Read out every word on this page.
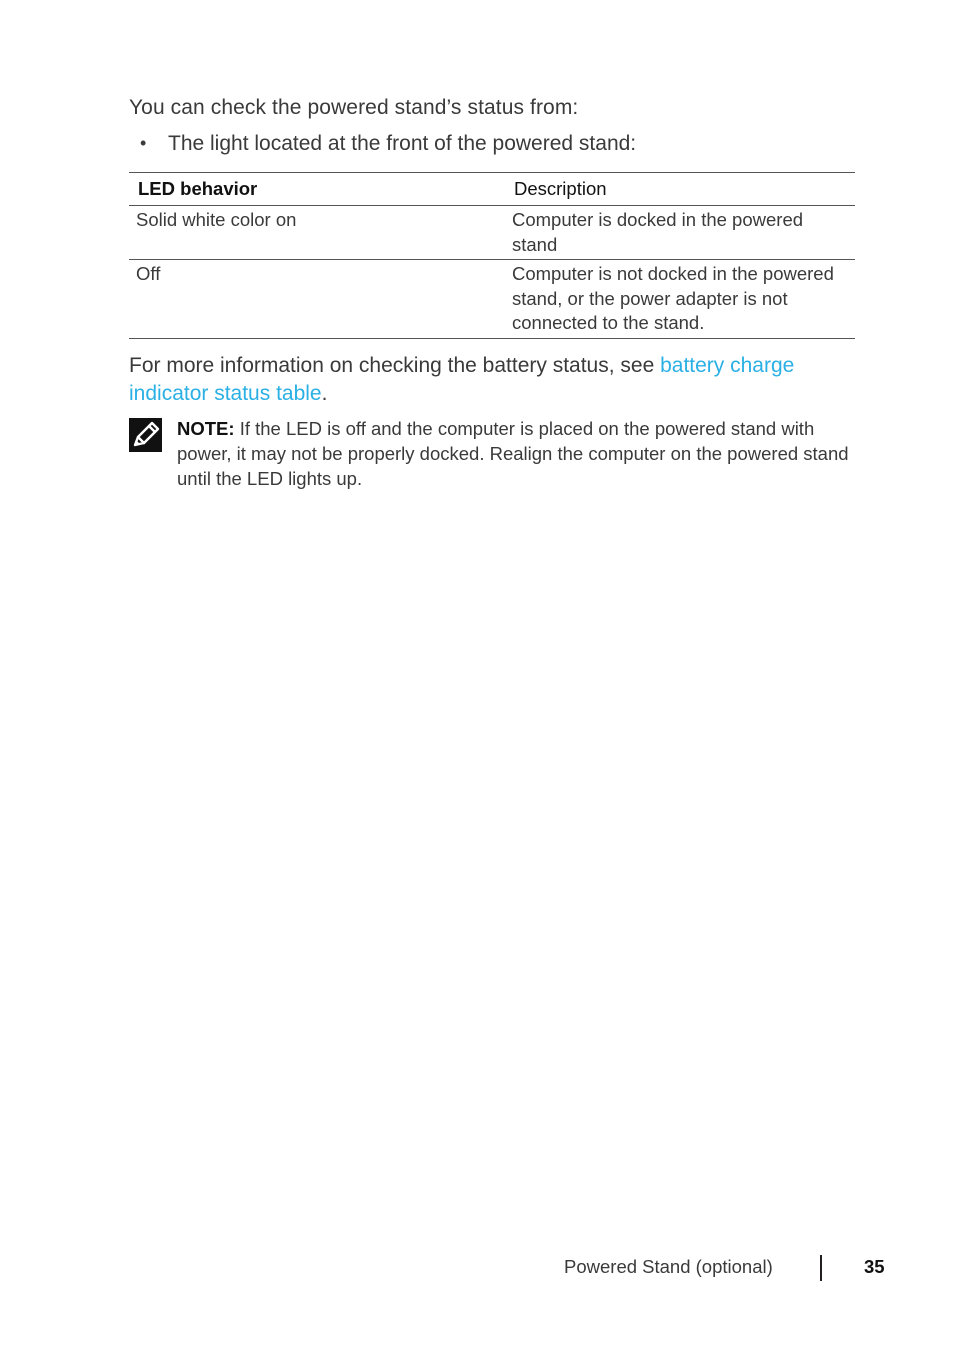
You can check the powered stand’s status from:

• The light located at the front of the powered stand:
LED behavior	Description
Solid white color on	Computer is docked in the powered stand
Off	Computer is not docked in the powered stand, or the power adapter is not connected to the stand.

For more information on checking the battery status, see battery charge indicator status table.

NOTE: If the LED is off and the computer is placed on the powered stand with power, it may not be properly docked. Realign the computer on the powered stand until the LED lights up.

Powered Stand (optional)	35
